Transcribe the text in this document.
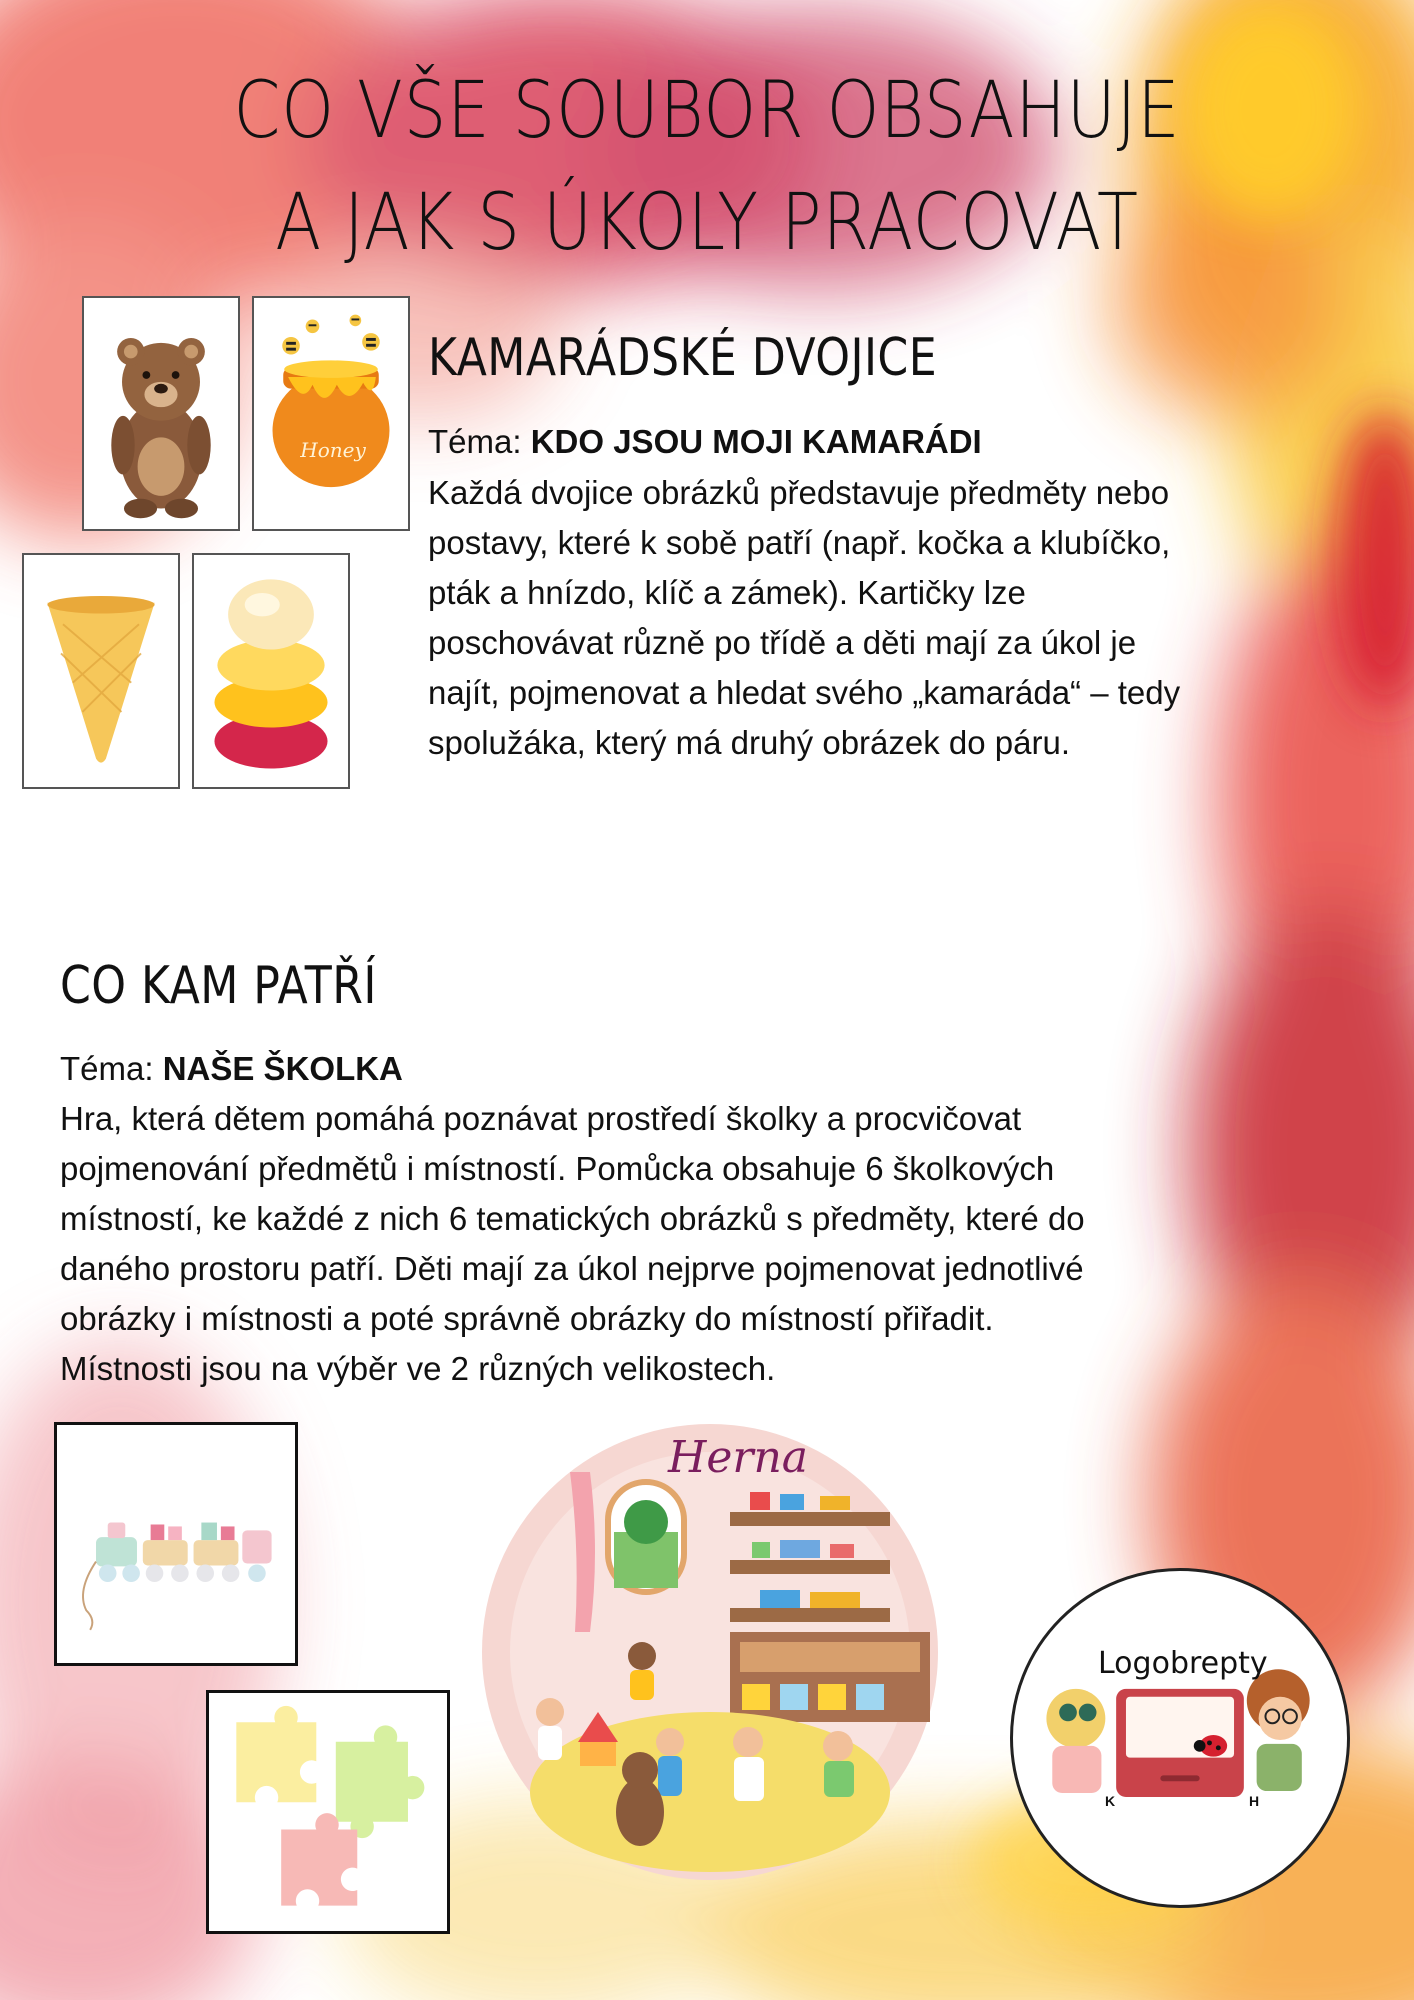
CO VŠE SOUBOR OBSAHUJE
A JAK S ÚKOLY PRACOVAT
Honey
KAMARÁDSKÉ DVOJICE
Téma: KDO JSOU MOJI KAMARÁDI
Každá dvojice obrázků představuje předměty nebo
postavy, které k sobě patří (např. kočka a klubíčko,
pták a hnízdo, klíč a zámek). Kartičky lze
poschovávat různě po třídě a děti mají za úkol je
najít, pojmenovat a hledat svého „kamaráda“ – tedy
spolužáka, který má druhý obrázek do páru.
CO KAM PATŘÍ
Téma: NAŠE ŠKOLKA
Hra, která dětem pomáhá poznávat prostředí školky a procvičovat
pojmenování předmětů i místností. Pomůcka obsahuje 6 školkových
místností, ke každé z nich 6 tematických obrázků s předměty, které do
daného prostoru patří. Děti mají za úkol nejprve pojmenovat jednotlivé
obrázky i místnosti a poté správně obrázky do místností přiřadit.
Místnosti jsou na výběr ve 2 různých velikostech.
Herna
K	H
Logobrepty
